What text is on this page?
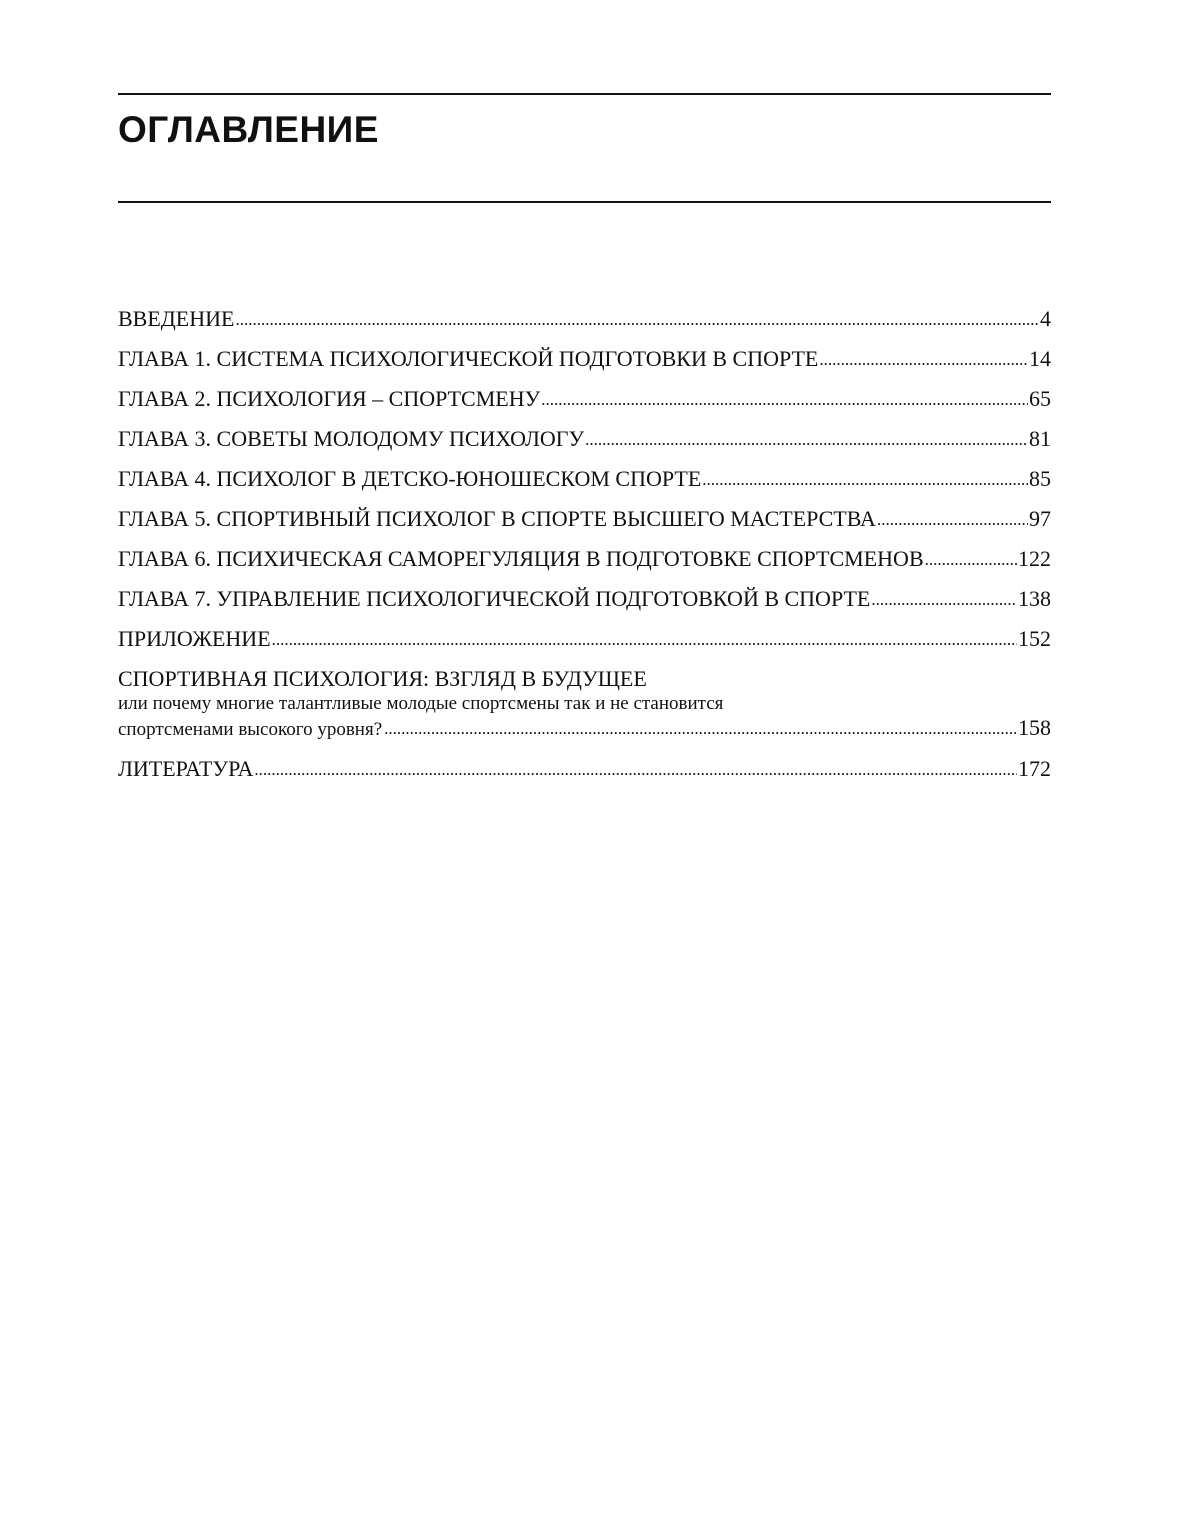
ОГЛАВЛЕНИЕ
ВВЕДЕНИЕ .....	4
ГЛАВА 1. СИСТЕМА ПСИХОЛОГИЧЕСКОЙ ПОДГОТОВКИ В СПОРТЕ .....	14
ГЛАВА 2. ПСИХОЛОГИЯ – СПОРТСМЕНУ .....	65
ГЛАВА 3. СОВЕТЫ МОЛОДОМУ ПСИХОЛОГУ .....	81
ГЛАВА 4. ПСИХОЛОГ В ДЕТСКО-ЮНОШЕСКОМ СПОРТЕ .....	85
ГЛАВА 5. СПОРТИВНЫЙ ПСИХОЛОГ В СПОРТЕ ВЫСШЕГО МАСТЕРСТВА .....	97
ГЛАВА 6. ПСИХИЧЕСКАЯ САМОРЕГУЛЯЦИЯ В ПОДГОТОВКЕ СПОРТСМЕНОВ .....	122
ГЛАВА 7. УПРАВЛЕНИЕ ПСИХОЛОГИЧЕСКОЙ ПОДГОТОВКОЙ В СПОРТЕ .....	138
ПРИЛОЖЕНИЕ .....	152
СПОРТИВНАЯ ПСИХОЛОГИЯ: ВЗГЛЯД В БУДУЩЕЕ
или почему многие талантливые молодые спортсмены так и не становится
спортсменами высокого уровня? .....	158
ЛИТЕРАТУРА .....	172
